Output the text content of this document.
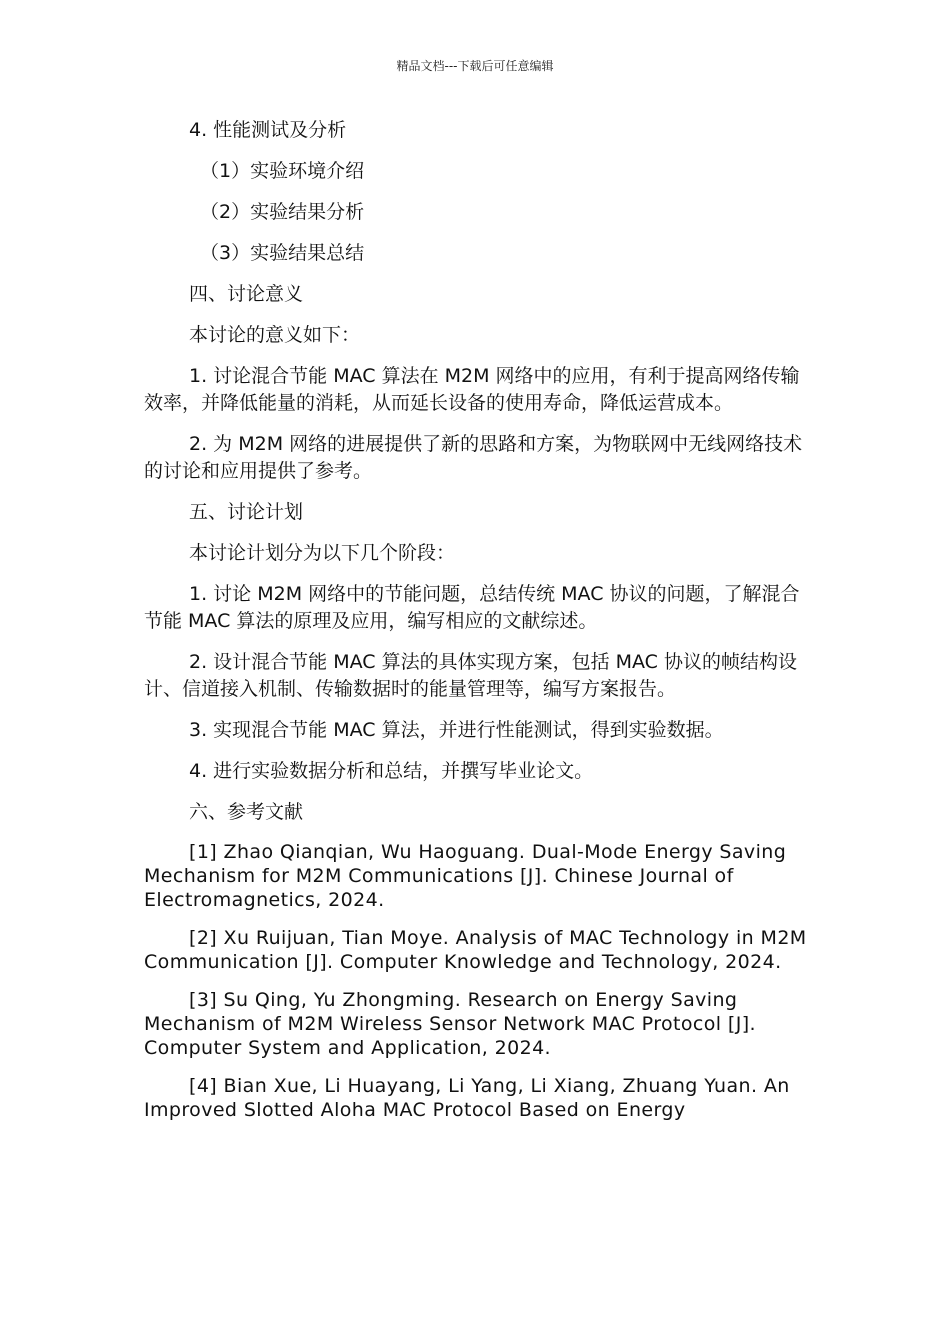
精品文档---下载后可任意编辑

4. 性能测试及分析

（1）实验环境介绍

（2）实验结果分析

（3）实验结果总结

四、讨论意义

本讨论的意义如下：

1. 讨论混合节能 MAC 算法在 M2M 网络中的应用，有利于提高网络传输效率，并降低能量的消耗，从而延长设备的使用寿命，降低运营成本。

2. 为 M2M 网络的进展提供了新的思路和方案，为物联网中无线网络技术的讨论和应用提供了参考。

五、讨论计划

本讨论计划分为以下几个阶段：

1. 讨论 M2M 网络中的节能问题，总结传统 MAC 协议的问题，了解混合节能 MAC 算法的原理及应用，编写相应的文献综述。

2. 设计混合节能 MAC 算法的具体实现方案，包括 MAC 协议的帧结构设计、信道接入机制、传输数据时的能量管理等，编写方案报告。

3. 实现混合节能 MAC 算法，并进行性能测试，得到实验数据。

4. 进行实验数据分析和总结，并撰写毕业论文。

六、参考文献

[1] Zhao Qianqian, Wu Haoguang. Dual-Mode Energy Saving Mechanism for M2M Communications [J]. Chinese Journal of Electromagnetics, 2024.

[2] Xu Ruijuan, Tian Moye. Analysis of MAC Technology in M2M Communication [J]. Computer Knowledge and Technology, 2024.

[3] Su Qing, Yu Zhongming. Research on Energy Saving Mechanism of M2M Wireless Sensor Network MAC Protocol [J]. Computer System and Application, 2024.

[4] Bian Xue, Li Huayang, Li Yang, Li Xiang, Zhuang Yuan. An Improved Slotted Aloha MAC Protocol Based on Energy
